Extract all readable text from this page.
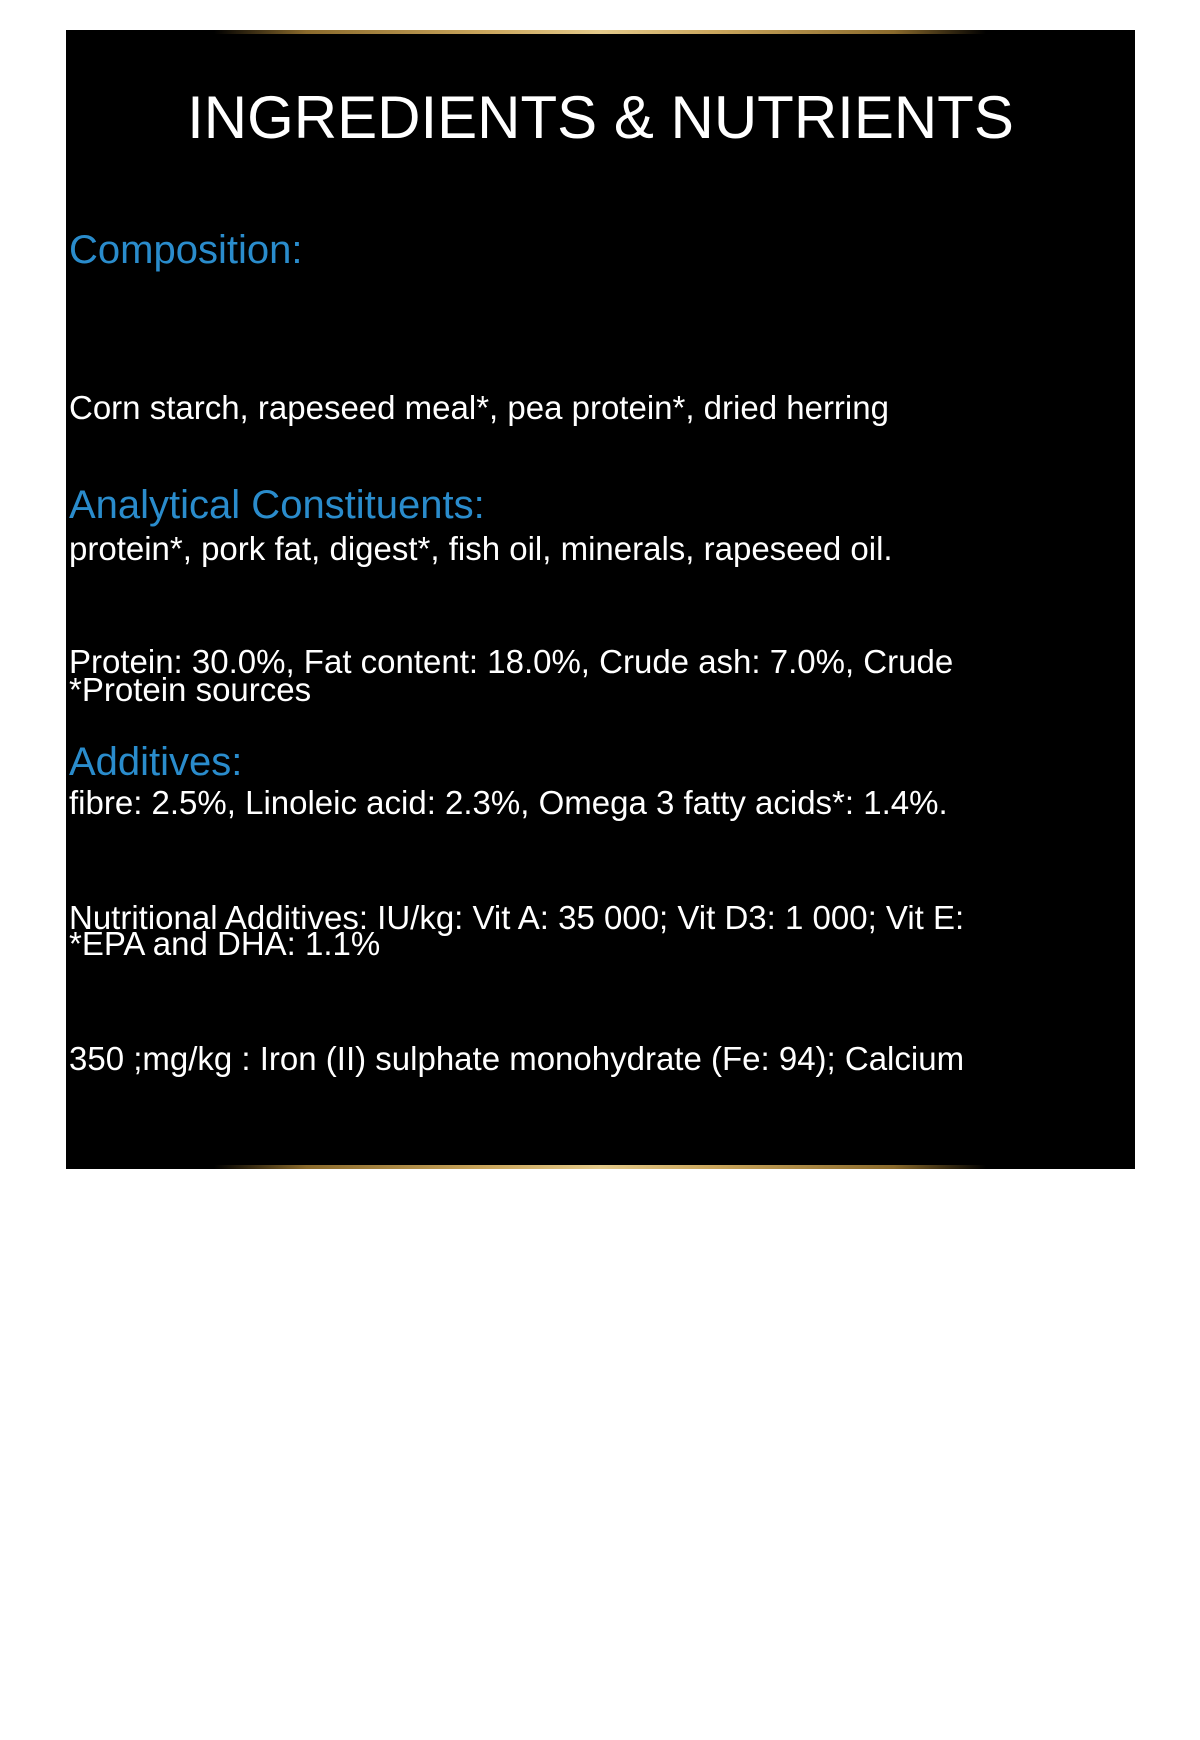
INGREDIENTS & NUTRIENTS
Composition:

Corn starch, rapeseed meal*, pea protein*, dried herring

protein*, pork fat, digest*, fish oil, minerals, rapeseed oil.

*Protein sources

Analytical Constituents:

Protein: 30.0%, Fat content: 18.0%, Crude ash: 7.0%, Crude

fibre: 2.5%, Linoleic acid: 2.3%, Omega 3 fatty acids*: 1.4%.

*EPA and DHA: 1.1%

Additives:

Nutritional Additives: IU/kg: Vit A: 35 000; Vit D3: 1 000; Vit E:

350 ;mg/kg : Iron (II) sulphate monohydrate (Fe: 94); Calcium

iodate anhydrous (I: 1.4);  Copper (II) sulphate pentahydrate

(Cu:9.8); Manganous sulphate monohydrate (Mn: 34);  Zinc

sulphate monohydrate (Zn: 86); Sodium selenite (Se: 0.10).

Antioxidants.
